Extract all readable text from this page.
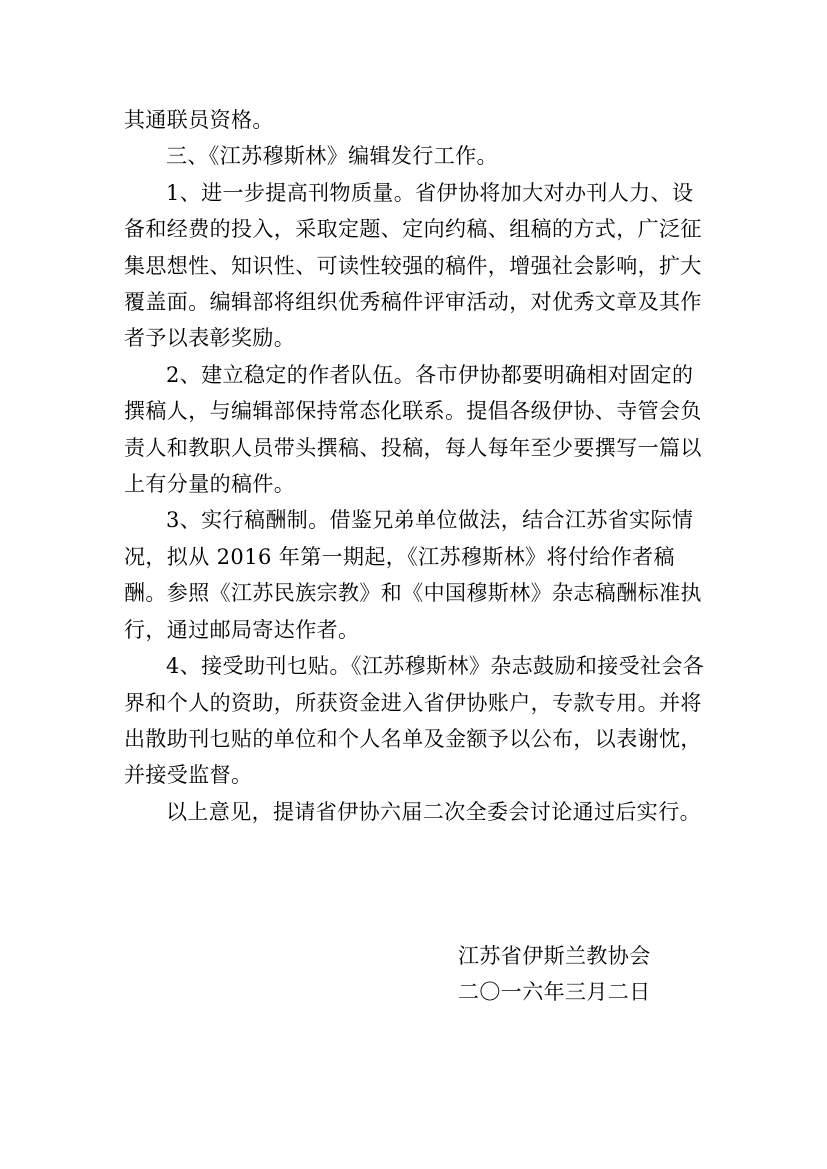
其通联员资格。

三、《江苏穆斯林》编辑发行工作。

1、进一步提高刊物质量。省伊协将加大对办刊人力、设备和经费的投入，采取定题、定向约稿、组稿的方式，广泛征集思想性、知识性、可读性较强的稿件，增强社会影响，扩大覆盖面。编辑部将组织优秀稿件评审活动，对优秀文章及其作者予以表彰奖励。

2、建立稳定的作者队伍。各市伊协都要明确相对固定的撰稿人，与编辑部保持常态化联系。提倡各级伊协、寺管会负责人和教职人员带头撰稿、投稿，每人每年至少要撰写一篇以上有分量的稿件。

3、实行稿酬制。借鉴兄弟单位做法，结合江苏省实际情况，拟从 2016 年第一期起，《江苏穆斯林》将付给作者稿酬。参照《江苏民族宗教》和《中国穆斯林》杂志稿酬标准执行，通过邮局寄达作者。

4、接受助刊乜贴。《江苏穆斯林》杂志鼓励和接受社会各界和个人的资助，所获资金进入省伊协账户，专款专用。并将出散助刊乜贴的单位和个人名单及金额予以公布，以表谢忱，并接受监督。

以上意见，提请省伊协六届二次全委会讨论通过后实行。

江苏省伊斯兰教协会
二〇一六年三月二日
